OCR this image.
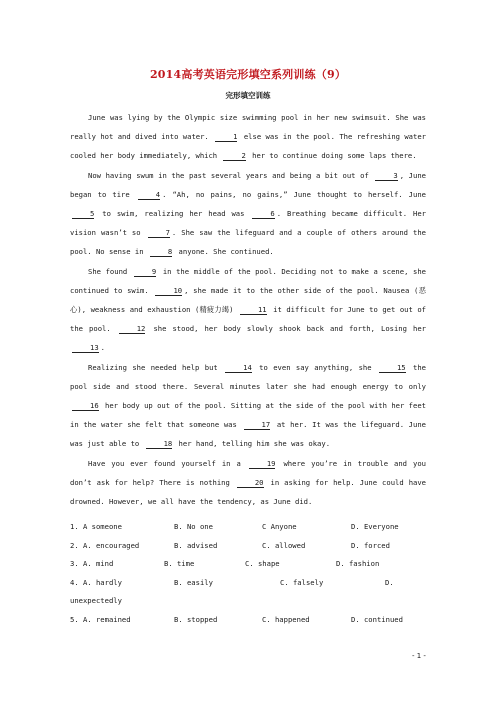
2014高考英语完形填空系列训练（9）
完形填空训练

June was lying by the Olympic size swimming pool in her new swimsuit. She was really hot and dived into water.	1 else was in the pool. The refreshing water cooled her body immediately, which	2 her to continue doing some laps there.

Now having swum in the past several years and being a bit out of	3 , June began to tire	4 . “Ah, no pains, no gains,” June thought to herself. June 5 to swim, realizing her head was	6 . Breathing became difficult. Her vision wasn’t so	7 . She saw the lifeguard and a couple of others around the pool. No sense in	8 anyone. She continued.

She found	9 in the middle of the pool. Deciding not to make a scene, she continued to swim.	10 , she made it to the other side of the pool. Nausea (恶心), weakness and exhaustion (精疲力竭)	11 it difficult for June to get out of the pool.	12 she stood, her body slowly shook back and forth, Losing her 13 .

Realizing she needed help but	14 to even say anything, she	15 the pool side and stood there. Several minutes later she had enough energy to only 16 her body up out of the pool. Sitting at the side of the pool with her feet in the water she felt that someone was	17 at her. It was the lifeguard. June was just able to	18 her hand, telling him she was okay.

Have you ever found yourself in a	19 where you’re in trouble and you don’t ask for help? There is nothing	20 in asking for help. June could have drowned. However, we all have the tendency, as June did.

1. A someone	B. No one	C Anyone	D. Everyone
2. A. encouraged	B. advised	C. allowed	D. forced
3. A. mind	B. time	C. shape	D. fashion
4. A. hardly	B. easily	C. falsely	D.
unexpectedly
5. A. remained	B. stopped	C. happened	D. continued
- 1 -
